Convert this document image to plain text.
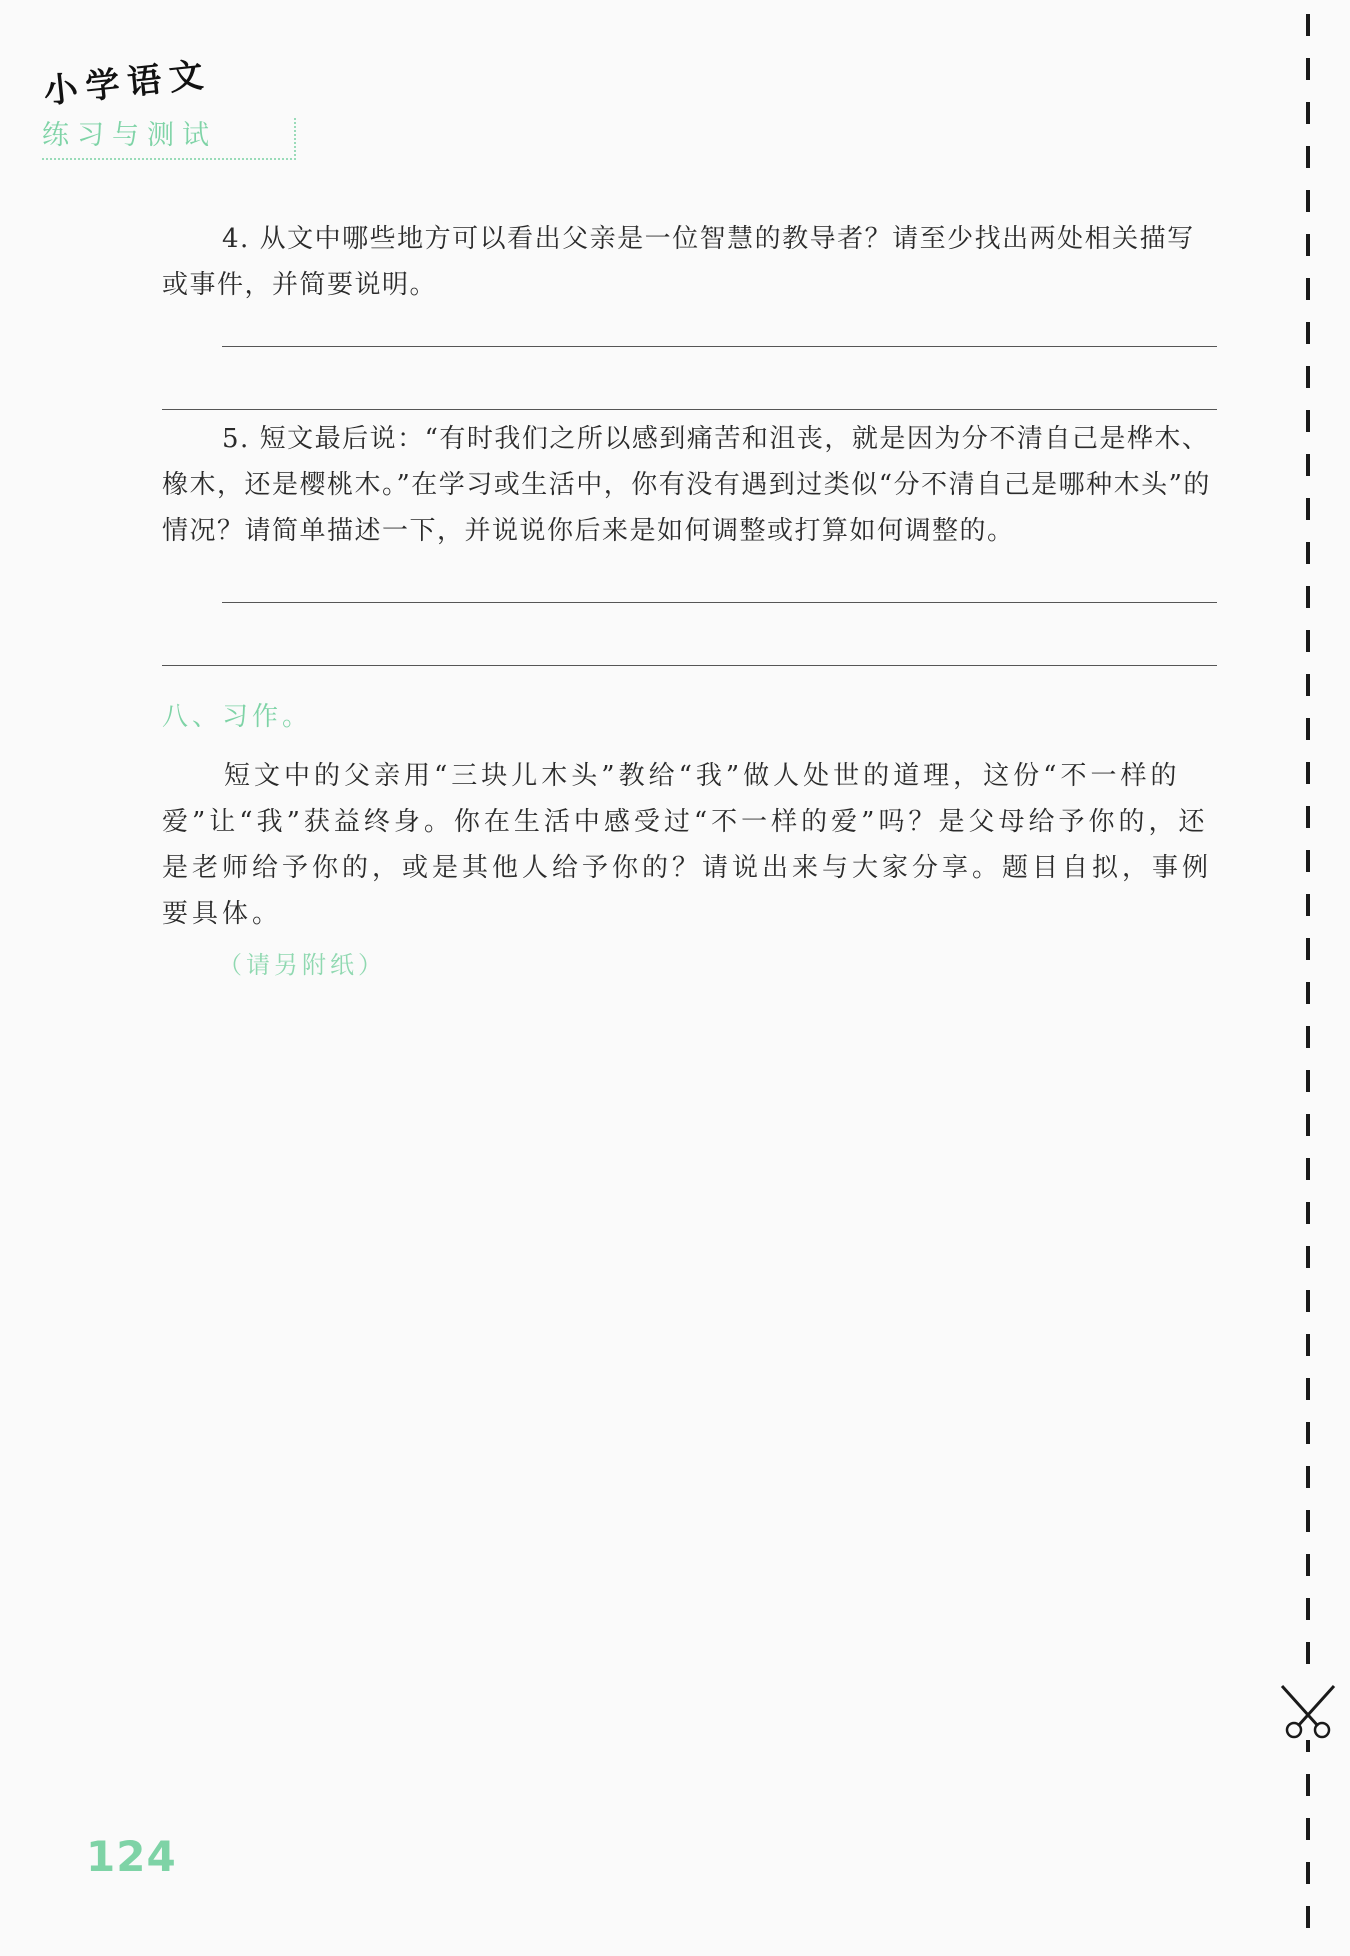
小学语文
练习与测试

4. 从文中哪些地方可以看出父亲是一位智慧的教导者？请至少找出两处相关描写或事件，并简要说明。

5. 短文最后说：“有时我们之所以感到痛苦和沮丧，就是因为分不清自己是桦木、橡木，还是樱桃木。”在学习或生活中，你有没有遇到过类似“分不清自己是哪种木头”的情况？请简单描述一下，并说说你后来是如何调整或打算如何调整的。

八、习作。

短文中的父亲用“三块儿木头”教给“我”做人处世的道理，这份“不一样的爱”让“我”获益终身。你在生活中感受过“不一样的爱”吗？是父母给予你的，还是老师给予你的，或是其他人给予你的？请说出来与大家分享。题目自拟，事例要具体。

（请另附纸）
124
